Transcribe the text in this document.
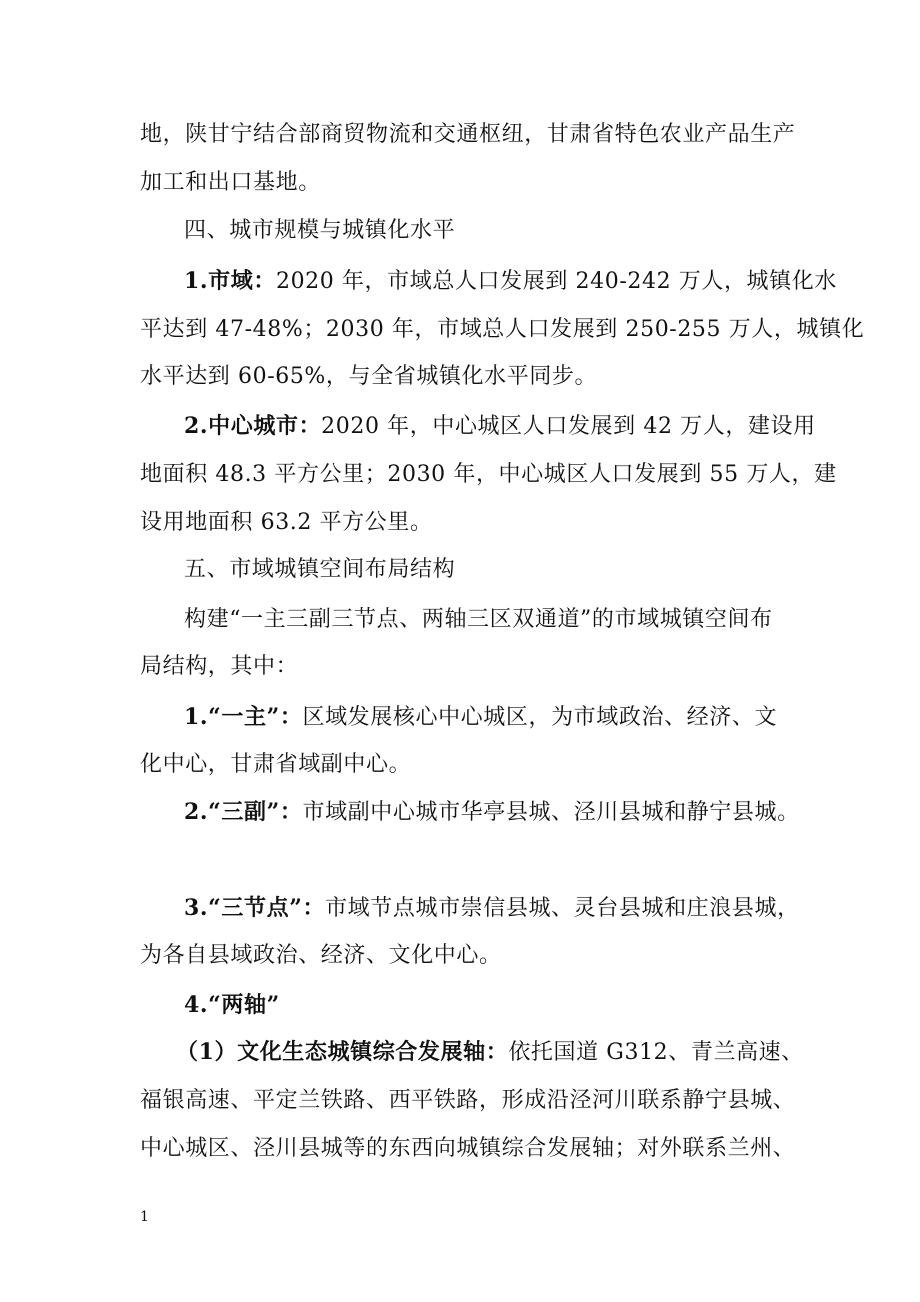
地，陕甘宁结合部商贸物流和交通枢纽，甘肃省特色农业产品生产
加工和出口基地。
四、城市规模与城镇化水平
1.市域：2020 年，市域总人口发展到 240-242 万人，城镇化水
平达到 47-48%；2030 年，市域总人口发展到 250-255 万人，城镇化
水平达到 60-65%，与全省城镇化水平同步。
2.中心城市：2020 年，中心城区人口发展到 42 万人，建设用
地面积 48.3 平方公里；2030 年，中心城区人口发展到 55 万人，建
设用地面积 63.2 平方公里。
五、市域城镇空间布局结构
构建“一主三副三节点、两轴三区双通道”的市域城镇空间布
局结构，其中：
1.“一主”：区域发展核心中心城区，为市域政治、经济、文
化中心，甘肃省域副中心。
2.“三副”：市域副中心城市华亭县城、泾川县城和静宁县城。
3.“三节点”：市域节点城市崇信县城、灵台县城和庄浪县城，
为各自县域政治、经济、文化中心。
4.“两轴”
（1）文化生态城镇综合发展轴：依托国道 G312、青兰高速、
福银高速、平定兰铁路、西平铁路，形成沿泾河川联系静宁县城、
中心城区、泾川县城等的东西向城镇综合发展轴；对外联系兰州、
1
